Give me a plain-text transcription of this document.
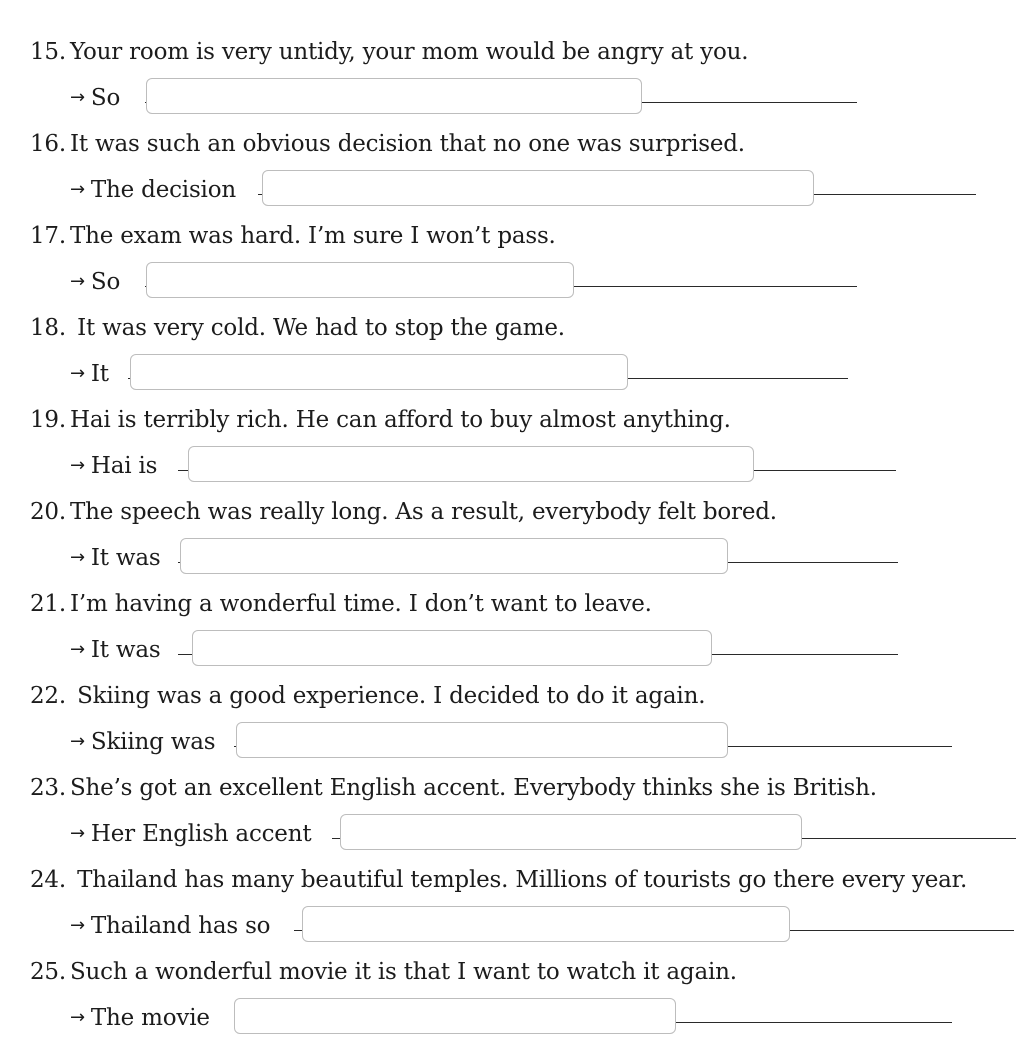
15. Your room is very untidy, your mom would be angry at you.
→ So
16. It was such an obvious decision that no one was surprised.
→ The decision
17. The exam was hard. I’m sure I won’t pass.
→ So
18. It was very cold. We had to stop the game.
→ It
19. Hai is terribly rich. He can afford to buy almost anything.
→ Hai is
20. The speech was really long. As a result, everybody felt bored.
→ It was
21. I’m having a wonderful time. I don’t want to leave.
→ It was
22. Skiing was a good experience. I decided to do it again.
→ Skiing was
23. She’s got an excellent English accent. Everybody thinks she is British.
→ Her English accent
24. Thailand has many beautiful temples. Millions of tourists go there every year.
→ Thailand has so
25. Such a wonderful movie it is that I want to watch it again.
→ The movie
